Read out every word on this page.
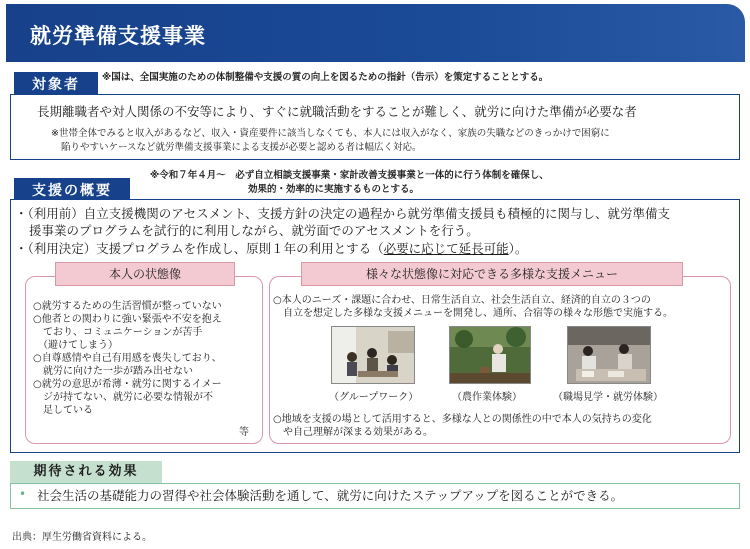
就労準備支援事業
対象者	※国は、全国実施のための体制整備や支援の質の向上を図るための指針（告示）を策定することとする。
長期離職者や対人関係の不安等により、すぐに就職活動をすることが難しく、就労に向けた準備が必要な者
※世帯全体でみると収入があるなど、収入・資産要件に該当しなくても、本人には収入がなく、家族の失職などのきっかけで困窮に
陥りやすいケースなど就労準備支援事業による支援が必要と認める者は幅広く対応。
支援の概要
※令和７年４月～　必ず自立相談支援事業・家計改善支援事業と一体的に行う体制を確保し、
効果的・効率的に実施するものとする。
・（利用前）自立支援機関のアセスメント、支援方針の決定の過程から就労準備支援員も積極的に関与し、就労準備支
援事業のプログラムを試行的に利用しながら、就労面でのアセスメントを行う。
・（利用決定）支援プログラムを作成し、原則１年の利用とする（必要に応じて延長可能）。
本人の状態像
○就労するための生活習慣が整っていない
○他者との関わりに強い緊張や不安を抱え
　ており、コミュニケーションが苦手
　（避けてしまう）
○自尊感情や自己有用感を喪失しており、
　就労に向けた一歩が踏み出せない
○就労の意思が希薄・就労に関するイメー
　ジが持てない、就労に必要な情報が不
　足している
等
様々な状態像に対応できる多様な支援メニュー
○本人のニーズ・課題に合わせ、日常生活自立、社会生活自立、経済的自立の３つの
　自立を想定した多様な支援メニューを開発し、通所、合宿等の様々な形態で実施する。
（グループワーク）	（農作業体験）	（職場見学・就労体験）
○地域を支援の場として活用すると、多様な人との関係性の中で本人の気持ちの変化
　や自己理解が深まる効果がある。
期待される効果
• 社会生活の基礎能力の習得や社会体験活動を通して、就労に向けたステップアップを図ることができる。
出典：厚生労働省資料による。
